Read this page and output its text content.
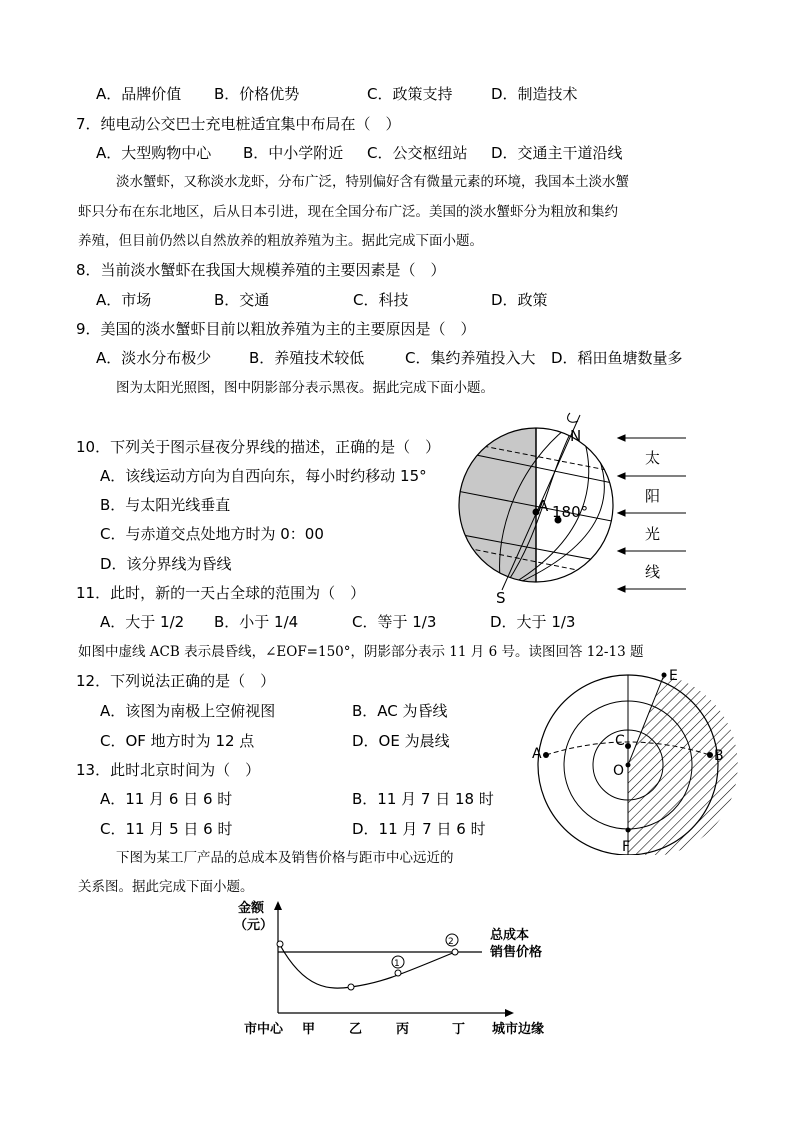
A．品牌价值 B．价格优势	C．政策支持	D．制造技术
7．纯电动公交巴士充电桩适宜集中布局在（　）
A．大型购物中心 B．中小学附近 C．公交枢纽站 D．交通主干道沿线
淡水蟹虾，又称淡水龙虾，分布广泛，特别偏好含有微量元素的环境，我国本土淡水蟹
虾只分布在东北地区，后从日本引进，现在全国分布广泛。美国的淡水蟹虾分为粗放和集约
养殖，但目前仍然以自然放养的粗放养殖为主。据此完成下面小题。
8．当前淡水蟹虾在我国大规模养殖的主要因素是（　）
A．市场	B．交通	C．科技	D．政策
9．美国的淡水蟹虾目前以粗放养殖为主的主要原因是（　）
A．淡水分布极少	B．养殖技术较低	C．集约养殖投入大 D．稻田鱼塘数量多
图为太阳光照图，图中阴影部分表示黑夜。据此完成下面小题。
10．下列关于图示昼夜分界线的描述，正确的是（　）
A．该线运动方向为自西向东，每小时约移动 15°
B．与太阳光线垂直
C．与赤道交点处地方时为 0：00
D．该分界线为昏线
11．此时，新的一天占全球的范围为（　）
A．大于 1/2 B．小于 1/4	C．等于 1/3	D．大于 1/3
A 180°
N
S
太
阳
光
线
如图中虚线 ACB 表示晨昏线，∠EOF=150°，阴影部分表示 11 月 6 号。读图回答 12-13 题
12．下列说法正确的是（　）
A．该图为南极上空俯视图	B．AC 为昏线
C．OF 地方时为 12 点	D．OE 为晨线
13．此时北京时间为（　）
A．11 月 6 日 6 时	B．11 月 7 日 18 时
C．11 月 5 日 6 时	D．11 月 7 日 6 时
E
F
A	B
C
O
下图为某工厂产品的总成本及销售价格与距市中心远近的
关系图。据此完成下面小题。
金额
（元）
1
2	总成本
销售价格
市中心 甲	乙	丙	丁 城市边缘
